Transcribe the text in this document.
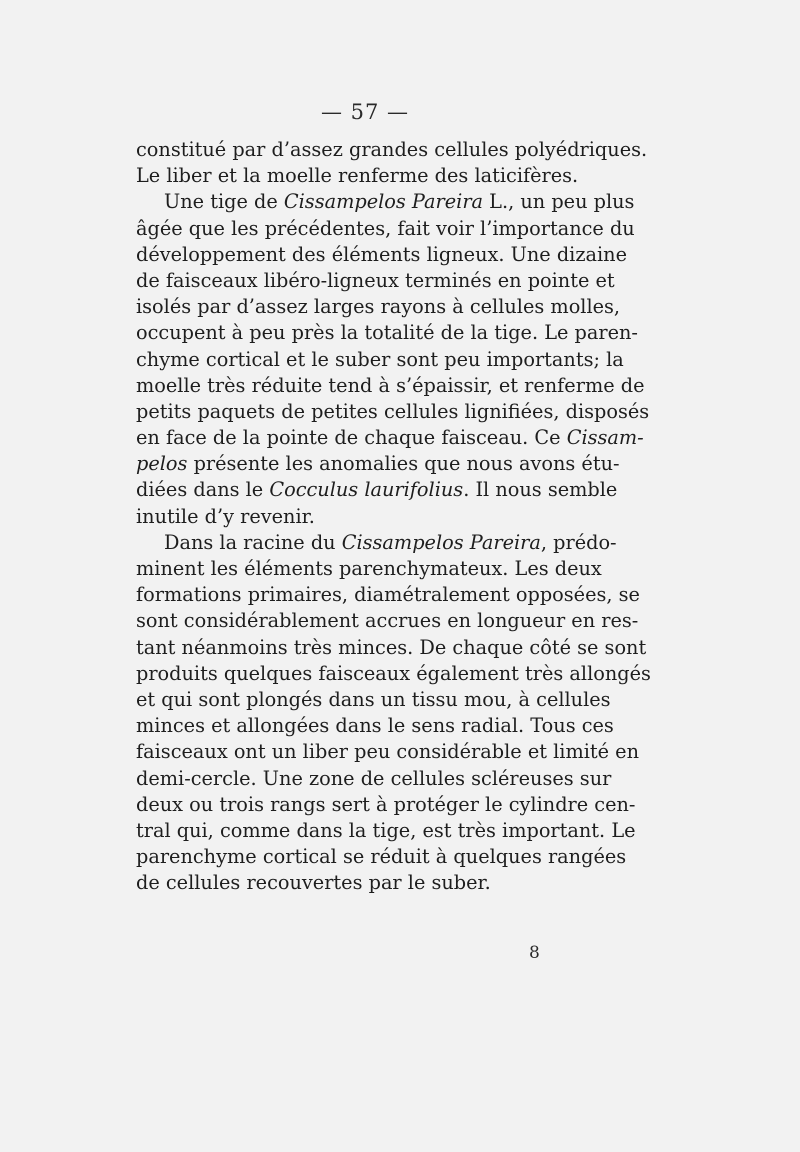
— 57 —
constitué par d’assez grandes cellules polyédriques.
Le liber et la moelle renferme des laticifères.
Une tige de Cissampelos Pareira L., un peu plus
âgée que les précédentes, fait voir l’importance du
développement des éléments ligneux. Une dizaine
de faisceaux libéro-ligneux terminés en pointe et
isolés par d’assez larges rayons à cellules molles,
occupent à peu près la totalité de la tige. Le paren-
chyme cortical et le suber sont peu importants; la
moelle très réduite tend à s’épaissir, et renferme de
petits paquets de petites cellules lignifiées, disposés
en face de la pointe de chaque faisceau. Ce Cissam-
pelos présente les anomalies que nous avons étu-
diées dans le Cocculus laurifolius. Il nous semble
inutile d’y revenir.
Dans la racine du Cissampelos Pareira, prédo-
minent les éléments parenchymateux. Les deux
formations primaires, diamétralement opposées, se
sont considérablement accrues en longueur en res-
tant néanmoins très minces. De chaque côté se sont
produits quelques faisceaux également très allongés
et qui sont plongés dans un tissu mou, à cellules
minces et allongées dans le sens radial. Tous ces
faisceaux ont un liber peu considérable et limité en
demi-cercle. Une zone de cellules scléreuses sur
deux ou trois rangs sert à protéger le cylindre cen-
tral qui, comme dans la tige, est très important. Le
parenchyme cortical se réduit à quelques rangées
de cellules recouvertes par le suber.
8
